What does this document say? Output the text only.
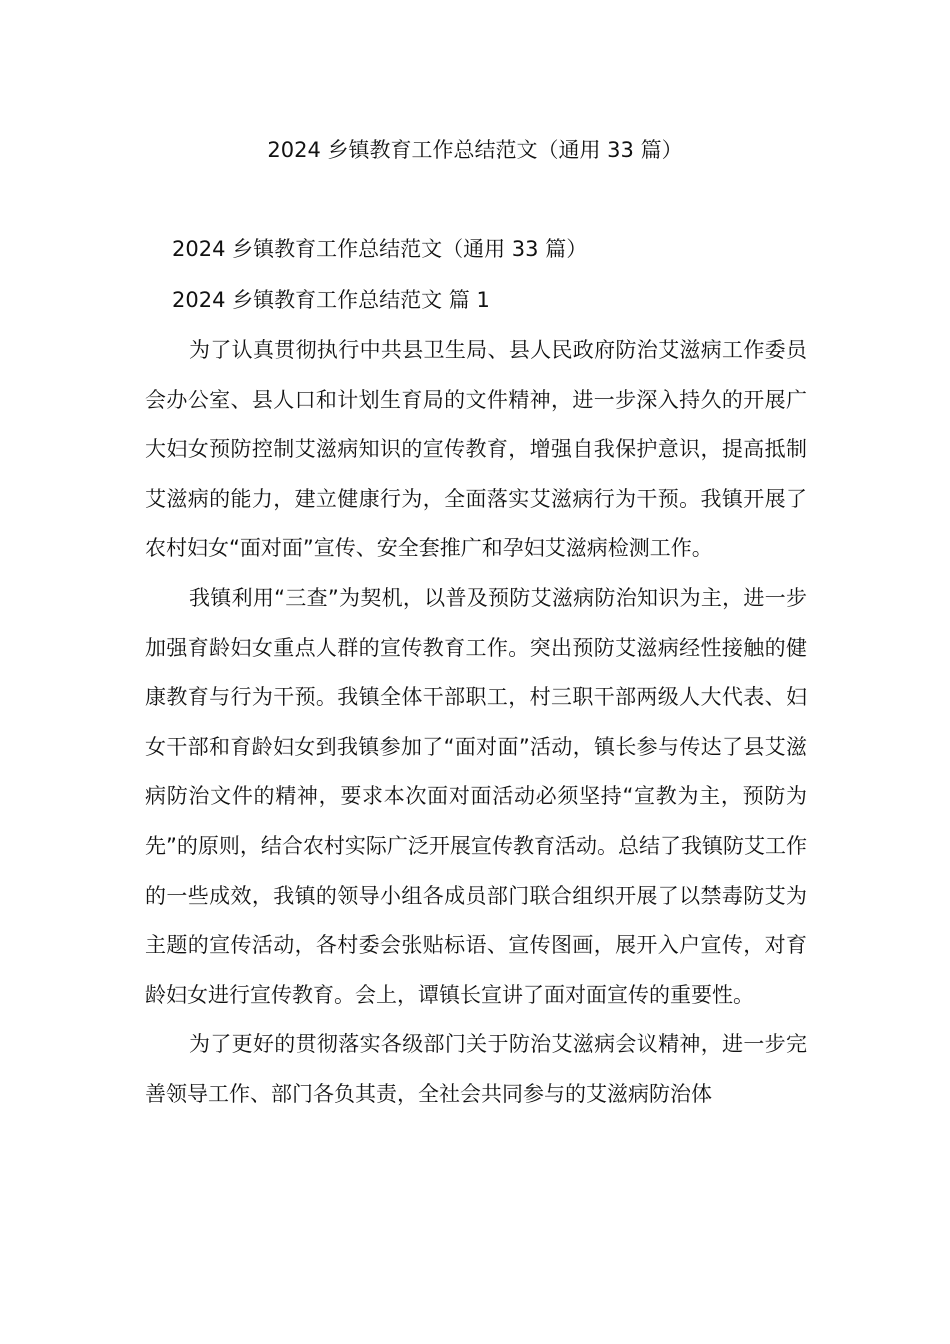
2024 乡镇教育工作总结范文（通用 33 篇）

2024 乡镇教育工作总结范文（通用 33 篇）

2024 乡镇教育工作总结范文 篇 1

为了认真贯彻执行中共县卫生局、县人民政府防治艾滋病工作委员会办公室、县人口和计划生育局的文件精神，进一步深入持久的开展广大妇女预防控制艾滋病知识的宣传教育，增强自我保护意识，提高抵制艾滋病的能力，建立健康行为，全面落实艾滋病行为干预。我镇开展了农村妇女“面对面”宣传、安全套推广和孕妇艾滋病检测工作。

我镇利用“三查”为契机，以普及预防艾滋病防治知识为主，进一步加强育龄妇女重点人群的宣传教育工作。突出预防艾滋病经性接触的健康教育与行为干预。我镇全体干部职工，村三职干部两级人大代表、妇女干部和育龄妇女到我镇参加了“面对面”活动，镇长参与传达了县艾滋病防治文件的精神，要求本次面对面活动必须坚持“宣教为主，预防为先”的原则，结合农村实际广泛开展宣传教育活动。总结了我镇防艾工作的一些成效，我镇的领导小组各成员部门联合组织开展了以禁毒防艾为主题的宣传活动，各村委会张贴标语、宣传图画，展开入户宣传，对育龄妇女进行宣传教育。会上，谭镇长宣讲了面对面宣传的重要性。

为了更好的贯彻落实各级部门关于防治艾滋病会议精神，进一步完善领导工作、部门各负其责，全社会共同参与的艾滋病防治体
